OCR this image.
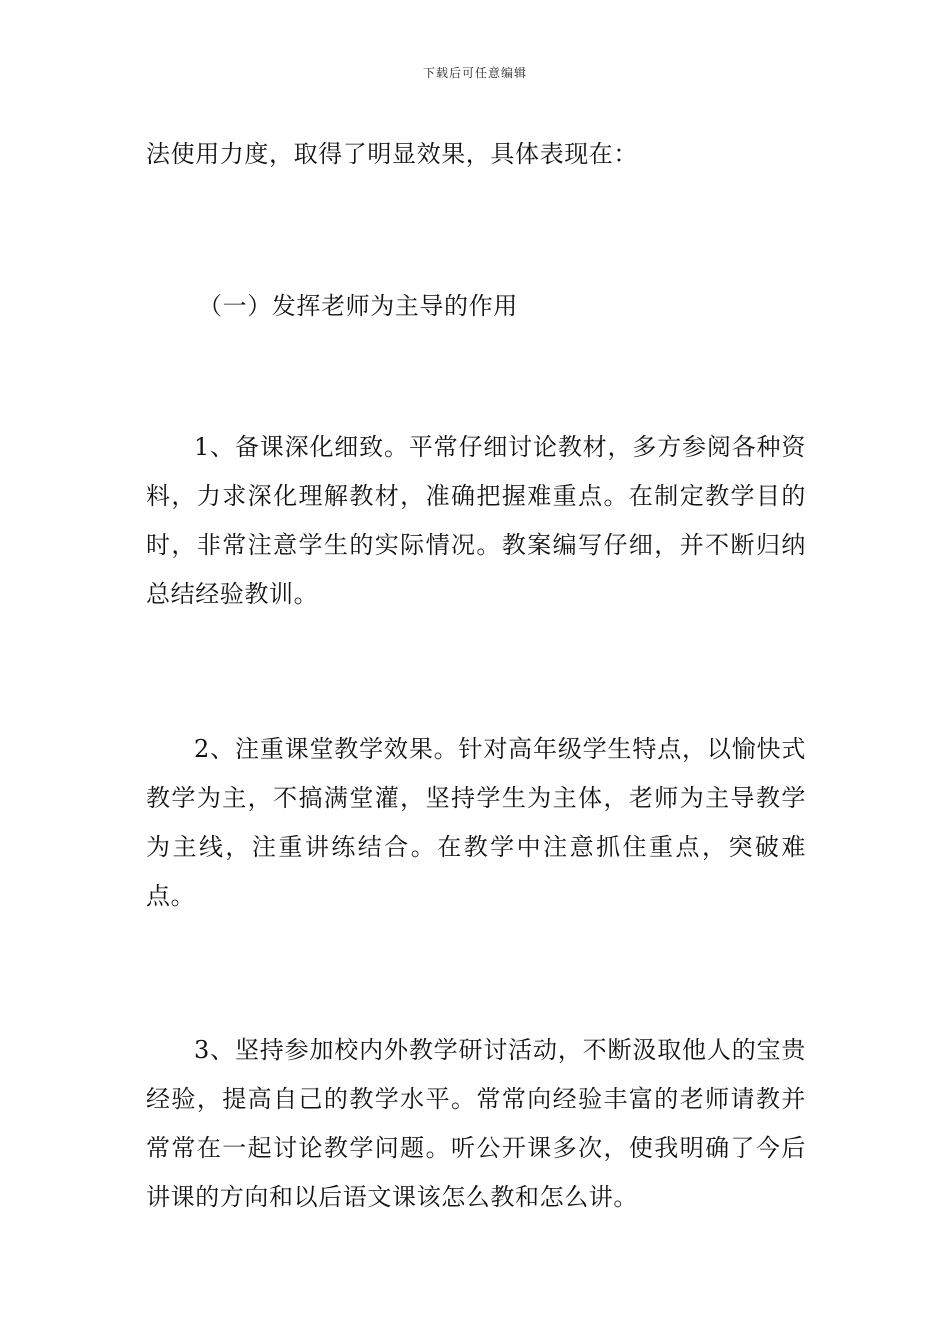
下载后可任意编辑
法使用力度，取得了明显效果，具体表现在：
（一）发挥老师为主导的作用
1、备课深化细致。平常仔细讨论教材，多方参阅各种资料，力求深化理解教材，准确把握难重点。在制定教学目的时，非常注意学生的实际情况。教案编写仔细，并不断归纳总结经验教训。
2、注重课堂教学效果。针对高年级学生特点，以愉快式教学为主，不搞满堂灌，坚持学生为主体，老师为主导教学为主线，注重讲练结合。在教学中注意抓住重点，突破难点。
3、坚持参加校内外教学研讨活动，不断汲取他人的宝贵经验，提高自己的教学水平。常常向经验丰富的老师请教并常常在一起讨论教学问题。听公开课多次，使我明确了今后讲课的方向和以后语文课该怎么教和怎么讲。
